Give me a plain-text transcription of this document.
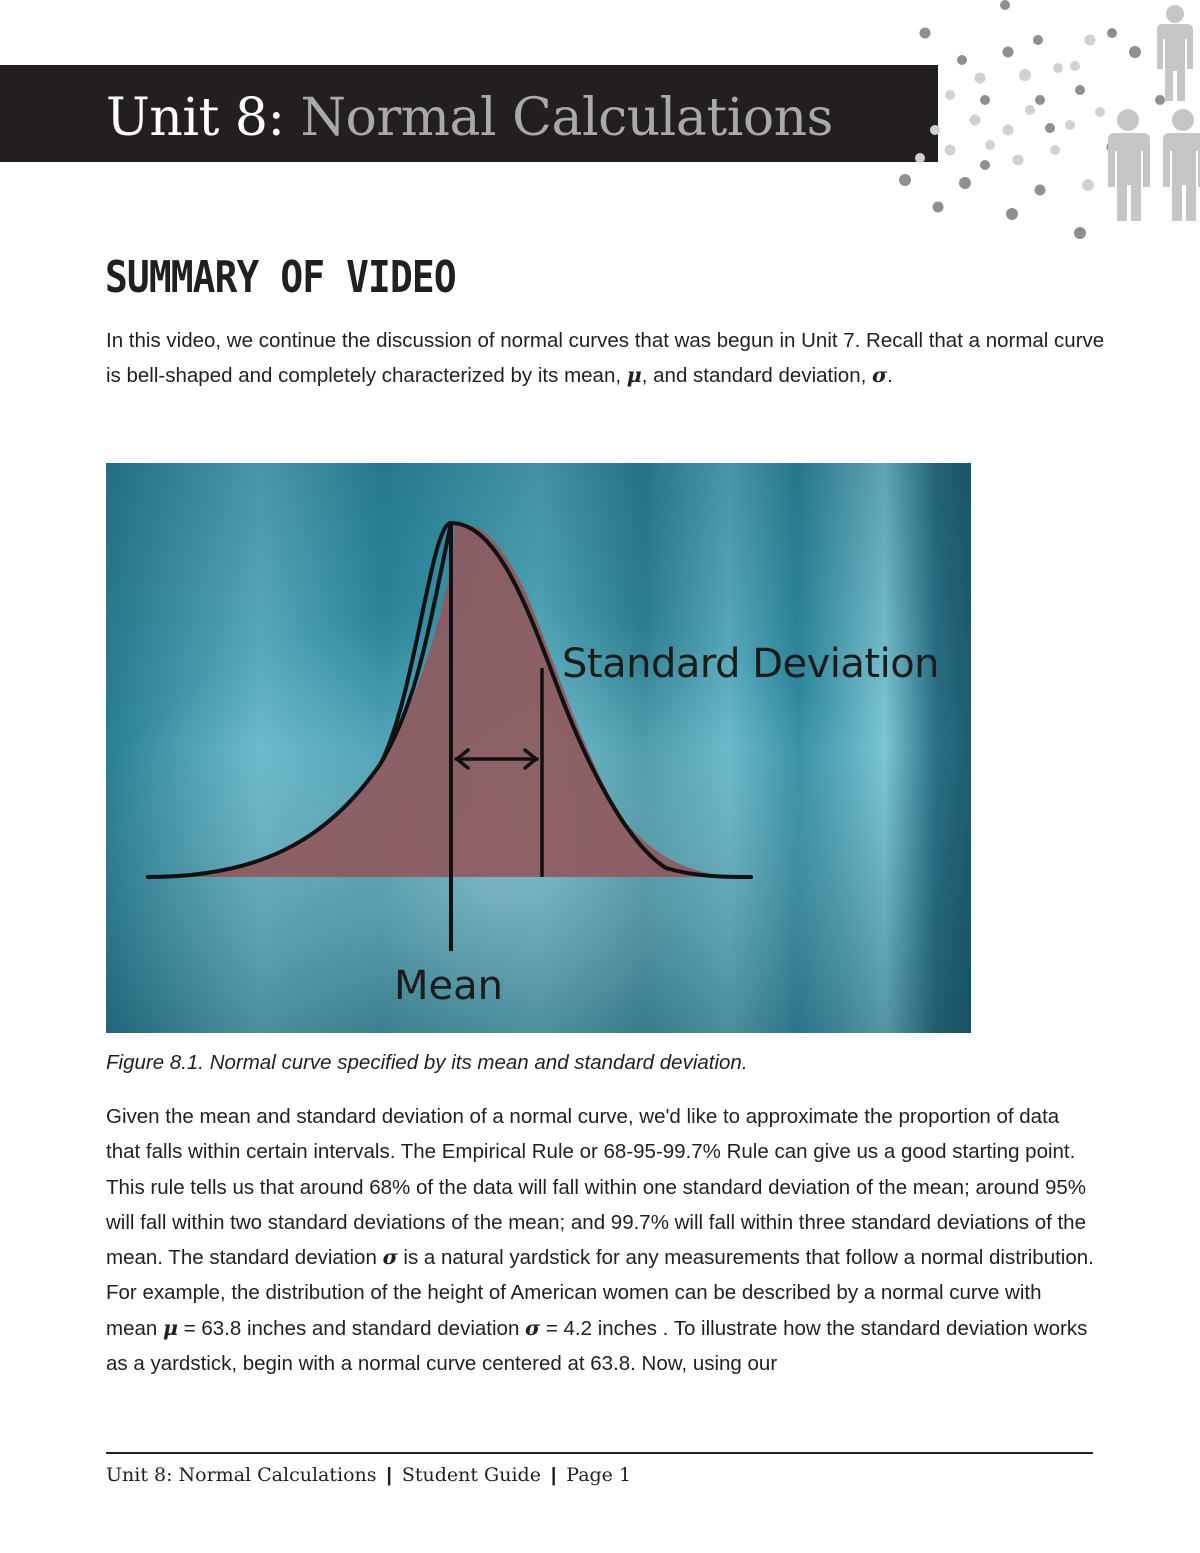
Unit 8: Normal Calculations
SUMMARY OF VIDEO

In this video, we continue the discussion of normal curves that was begun in Unit 7. Recall that a normal curve is bell-shaped and completely characterized by its mean, μ, and standard deviation, σ.

Standard Deviation
Mean

Figure 8.1. Normal curve specified by its mean and standard deviation.

Given the mean and standard deviation of a normal curve, we'd like to approximate the proportion of data that falls within certain intervals. The Empirical Rule or 68-95-99.7% Rule can give us a good starting point. This rule tells us that around 68% of the data will fall within one standard deviation of the mean; around 95% will fall within two standard deviations of the mean; and 99.7% will fall within three standard deviations of the mean. The standard deviation σ is a natural yardstick for any measurements that follow a normal distribution. For example, the distribution of the height of American women can be described by a normal curve with mean μ = 63.8 inches and standard deviation σ = 4.2 inches . To illustrate how the standard deviation works as a yardstick, begin with a normal curve centered at 63.8. Now, using our

Unit 8: Normal Calculations | Student Guide | Page 1
